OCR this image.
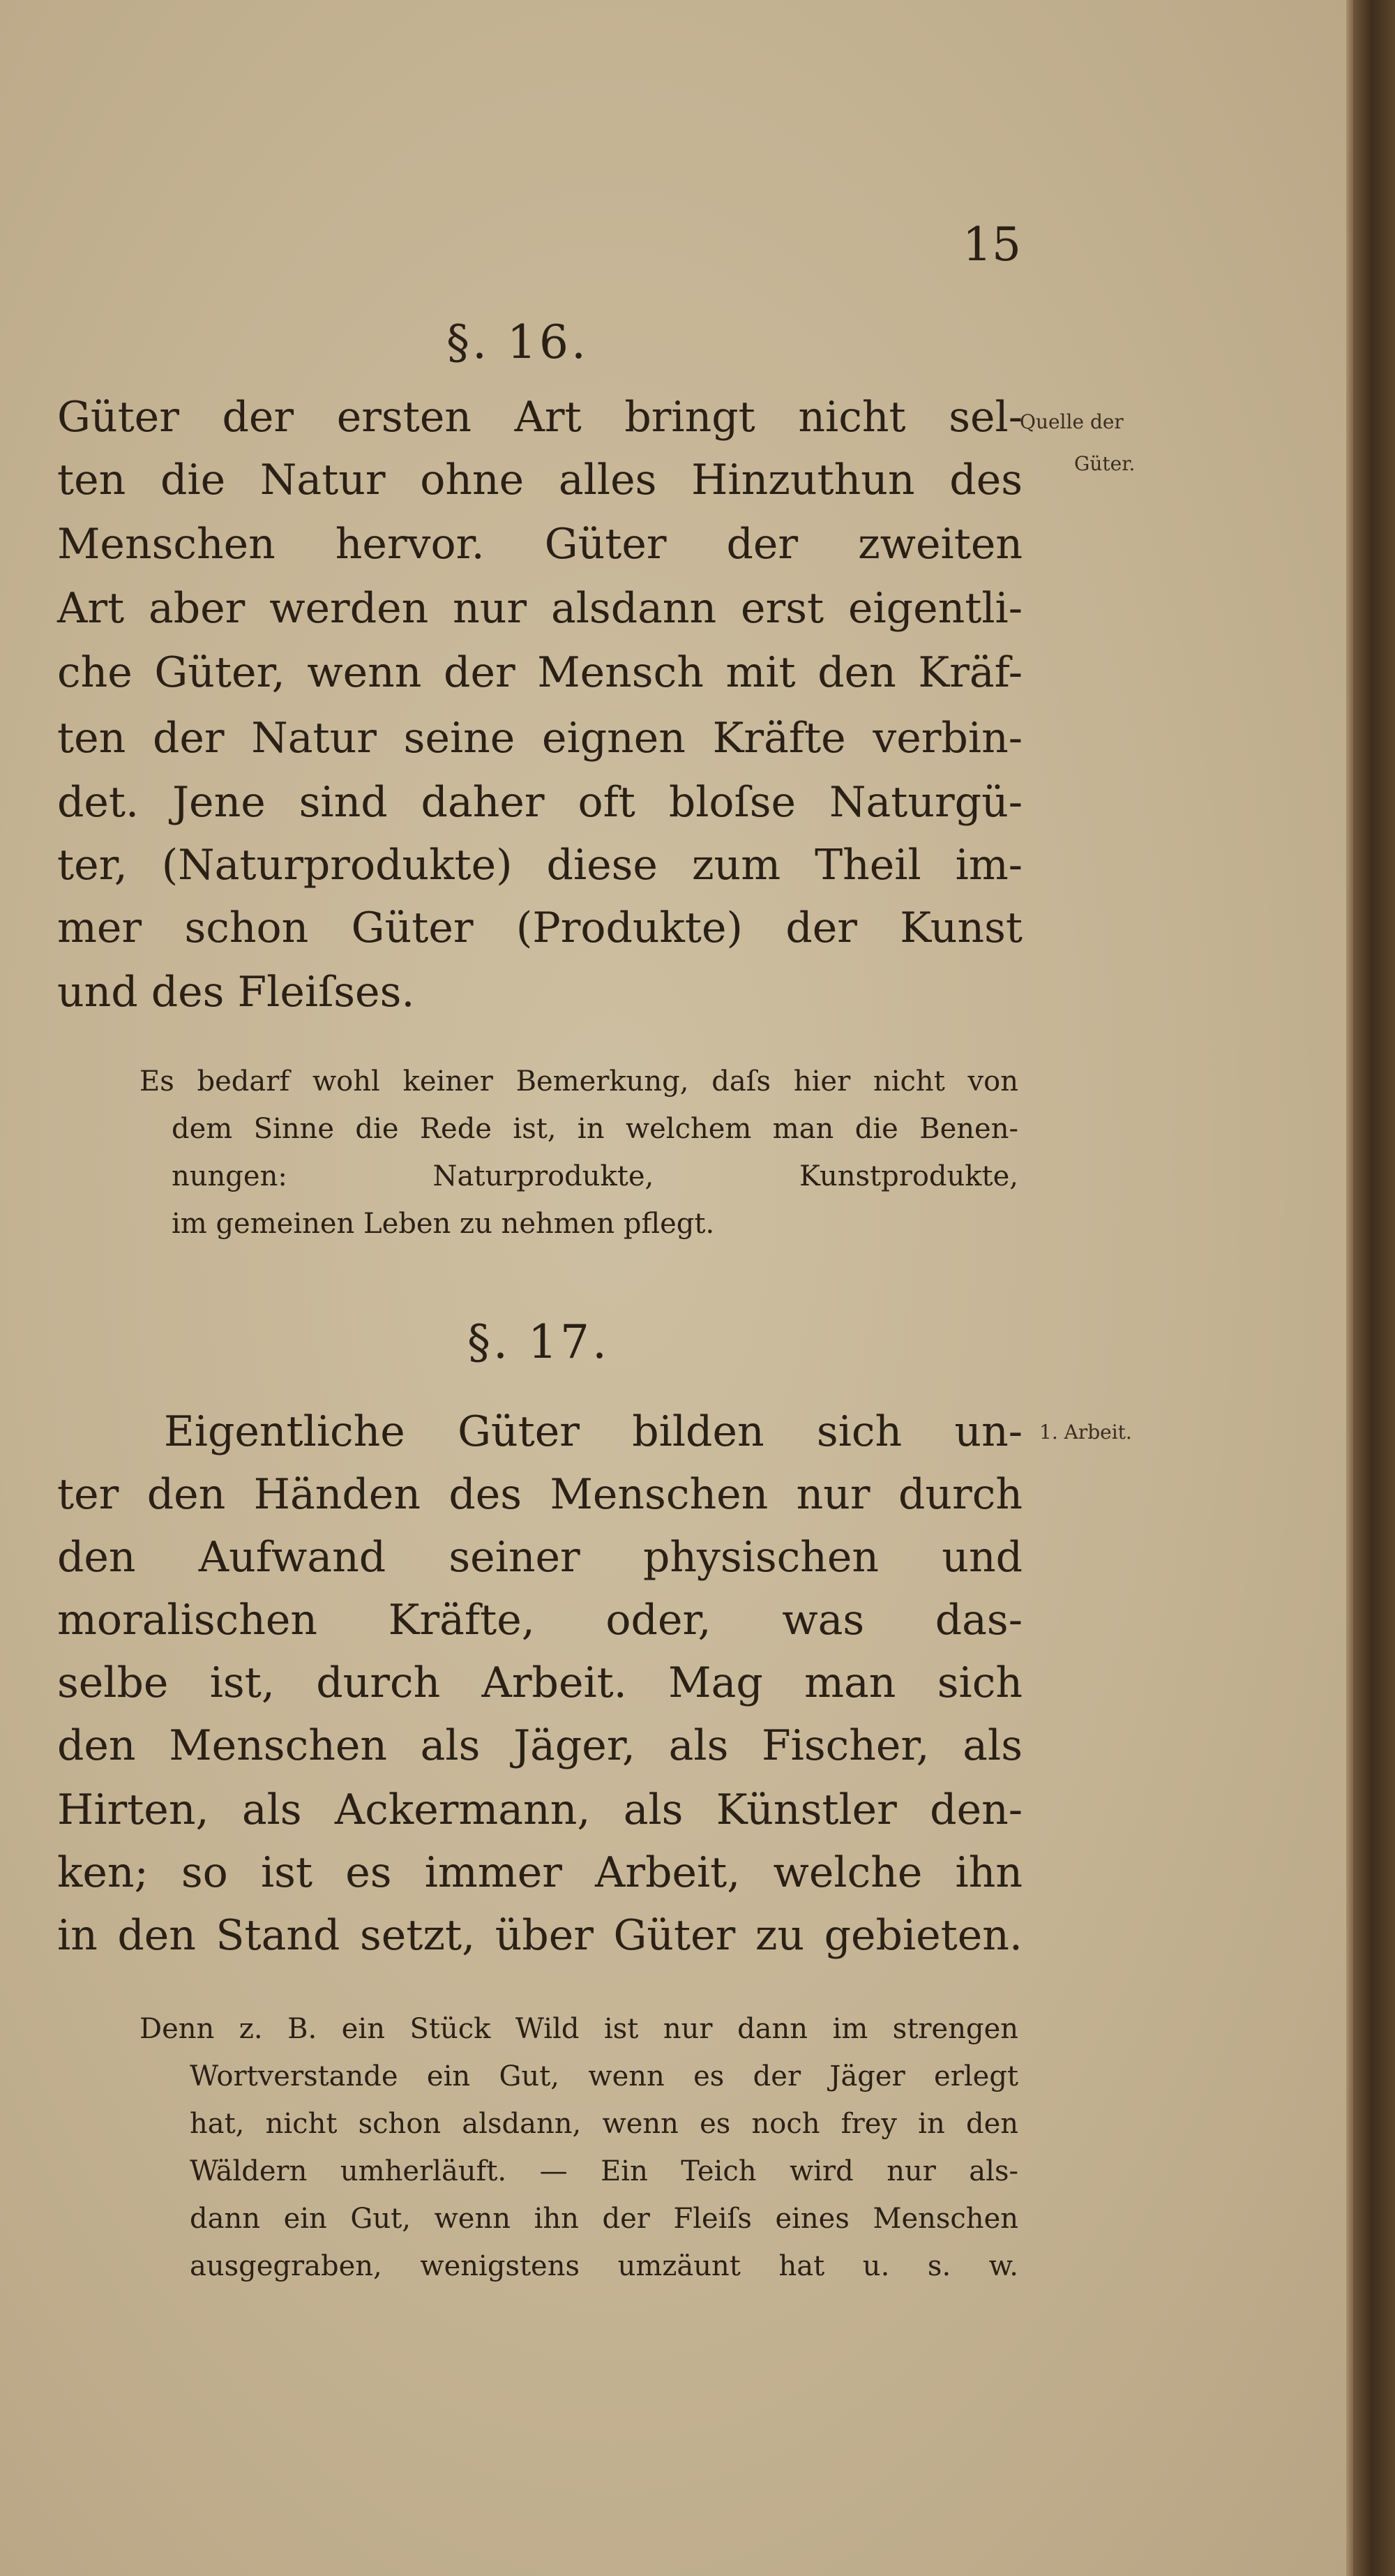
15
§. 16.
Güter der ersten Art bringt nicht sel-
ten die Natur ohne alles Hinzuthun des
Menschen hervor. Güter der zweiten
Art aber werden nur alsdann erst eigentli-
che Güter, wenn der Mensch mit den Kräf-
ten der Natur seine eignen Kräfte verbin-
det. Jene sind daher oft bloſse Naturgü-
ter, (Naturprodukte) diese zum Theil im-
mer schon Güter (Produkte) der Kunst
und des Fleiſses.
Quelle der
Güter.
Es bedarf wohl keiner Bemerkung, daſs hier nicht von
dem Sinne die Rede ist, in welchem man die Benen-
nungen: Naturprodukte, Kunstprodukte,
im gemeinen Leben zu nehmen pflegt.
§. 17.
Eigentliche Güter bilden sich un-
ter den Händen des Menschen nur durch
den Aufwand seiner physischen und
moralischen Kräfte, oder, was das-
selbe ist, durch Arbeit. Mag man sich
den Menschen als Jäger, als Fischer, als
Hirten, als Ackermann, als Künstler den-
ken; so ist es immer Arbeit, welche ihn
in den Stand setzt, über Güter zu gebieten.
1. Arbeit.
Denn z. B. ein Stück Wild ist nur dann im strengen
Wortverstande ein Gut, wenn es der Jäger erlegt
hat, nicht schon alsdann, wenn es noch frey in den
Wäldern umherläuft. — Ein Teich wird nur als-
dann ein Gut, wenn ihn der Fleiſs eines Menschen
ausgegraben, wenigstens umzäunt hat u. s. w.
